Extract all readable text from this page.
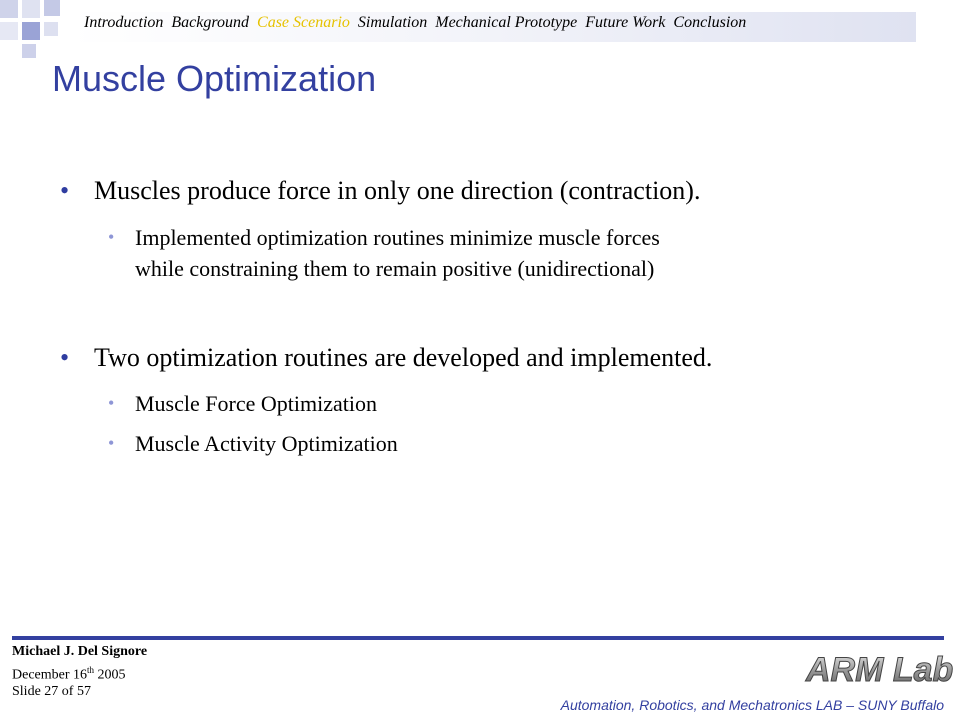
Introduction Background Case Scenario Simulation Mechanical Prototype Future Work Conclusion
Muscle Optimization
• Muscles produce force in only one direction (contraction).
• Implemented optimization routines minimize muscle forces
while constraining them to remain positive (unidirectional)
• Two optimization routines are developed and implemented.
• Muscle Force Optimization
• Muscle Activity Optimization
Michael J. Del Signore
December 16th 2005
Slide 27 of 57
ARM Lab
Automation, Robotics, and Mechatronics LAB – SUNY Buffalo
